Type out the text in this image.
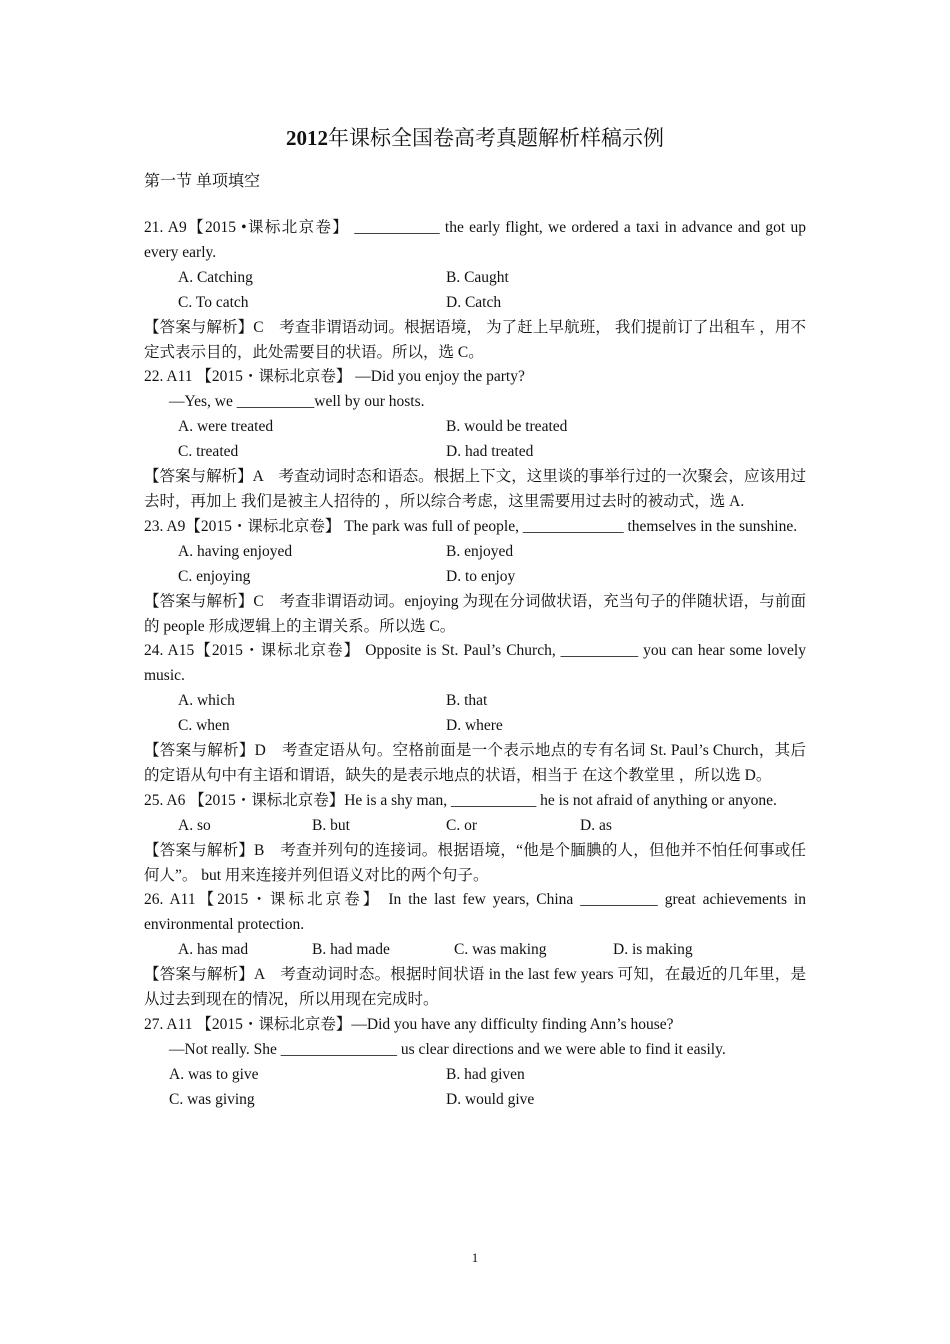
2012年课标全国卷高考真题解析样稿示例
第一节 单项填空

21. A9【2015 •课标北京卷】 ___________ the early flight, we ordered a taxi in advance and got up every early.

A. Catching	B. Caught
C. To catch	D. Catch

【答案与解析】C　考查非谓语动词。根据语境， 为了赶上早航班， 我们提前订了出租车 ，用不定式表示目的，此处需要目的状语。所以，选 C。

22. A11 【2015・课标北京卷】 —Did you enjoy the party?

—Yes, we __________well by our hosts.

A. were treated	B. would be treated
C. treated	D. had treated

【答案与解析】A　考查动词时态和语态。根据上下文，这里谈的事举行过的一次聚会，应该用过去时，再加上 我们是被主人招待的 ，所以综合考虑，这里需要用过去时的被动式，选 A.

23. A9【2015・课标北京卷】 The park was full of people, _____________ themselves in the sunshine.

A. having enjoyed	B. enjoyed
C. enjoying	D. to enjoy

【答案与解析】C　考查非谓语动词。enjoying 为现在分词做状语，充当句子的伴随状语，与前面的 people 形成逻辑上的主谓关系。所以选 C。

24. A15【2015・课标北京卷】 Opposite is St. Paul’s Church, __________ you can hear some lovely music.

A. which	B. that
C. when	D. where

【答案与解析】D　考查定语从句。空格前面是一个表示地点的专有名词 St. Paul’s Church，其后的定语从句中有主语和谓语，缺失的是表示地点的状语，相当于 在这个教堂里 ，所以选 D。

25. A6 【2015・课标北京卷】He is a shy man, ___________ he is not afraid of anything or anyone.

A. so	B. but	C. or	D. as

【答案与解析】B　考查并列句的连接词。根据语境，“他是个腼腆的人，但他并不怕任何事或任何人”。 but 用来连接并列但语义对比的两个句子。

26. A11【2015・课标北京卷】 In the last few years, China __________ great achievements in environmental protection.

A. has mad	B. had made	C. was making	D. is making

【答案与解析】A　考查动词时态。根据时间状语 in the last few years 可知，在最近的几年里，是从过去到现在的情况，所以用现在完成时。

27. A11 【2015・课标北京卷】—Did you have any difficulty finding Ann’s house?

—Not really. She _______________ us clear directions and we were able to find it easily.

A. was to give	B. had given
C. was giving	D. would give
1
